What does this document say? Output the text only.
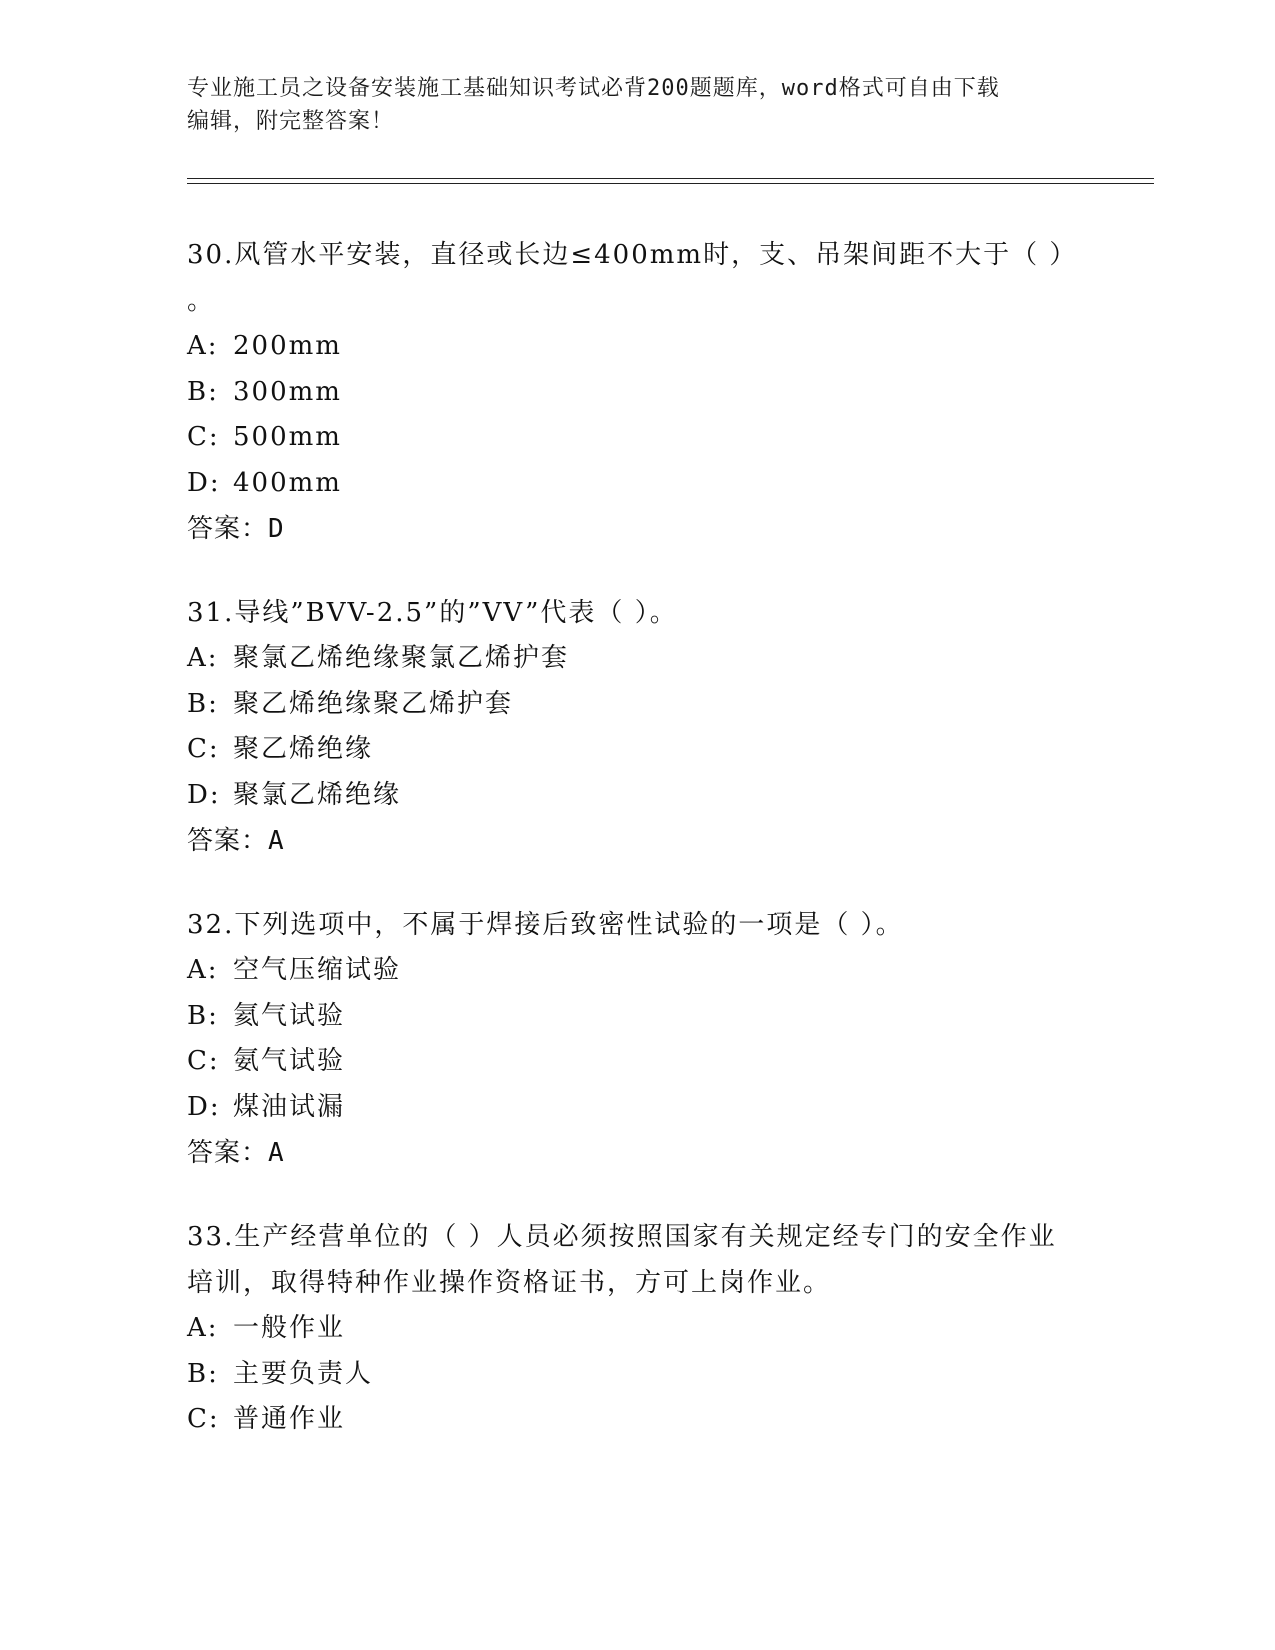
专业施工员之设备安装施工基础知识考试必背200题题库，word格式可自由下载
编辑，附完整答案！
30.风管水平安装，直径或长边≤400mm时，支、吊架间距不大于（ ）
。
A: 200mm
B: 300mm
C: 500mm
D: 400mm
答案：D
31.导线”BVV-2.5”的”VV”代表（ ）。
A: 聚氯乙烯绝缘聚氯乙烯护套
B: 聚乙烯绝缘聚乙烯护套
C: 聚乙烯绝缘
D: 聚氯乙烯绝缘
答案：A
32.下列选项中，不属于焊接后致密性试验的一项是（ ）。
A: 空气压缩试验
B: 氦气试验
C: 氨气试验
D: 煤油试漏
答案：A
33.生产经营单位的（ ）人员必须按照国家有关规定经专门的安全作业培训，取得特种作业操作资格证书，方可上岗作业。
A: 一般作业
B: 主要负责人
C: 普通作业
